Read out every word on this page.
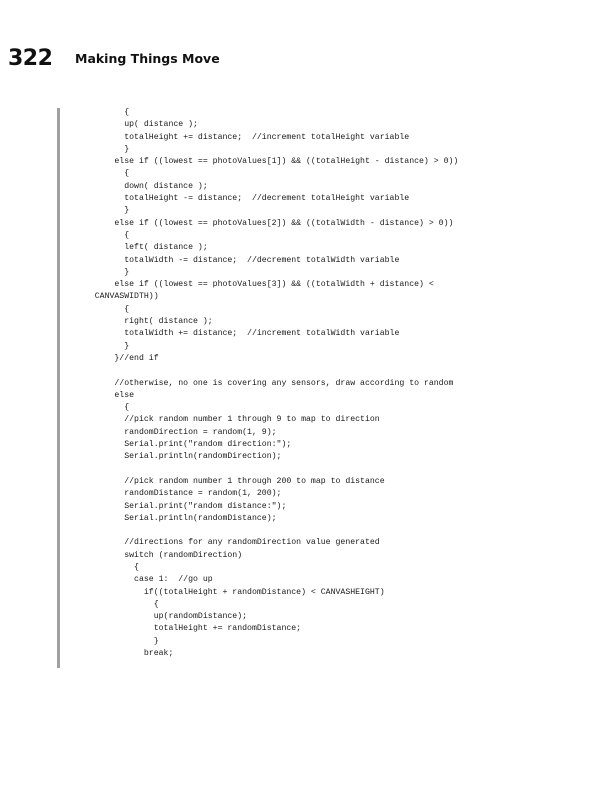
322 Making Things Move
{
up( distance );
totalHeight += distance;  //increment totalHeight variable
}
else if ((lowest == photoValues[1]) && ((totalHeight - distance) > 0))
{
down( distance );
totalHeight -= distance;  //decrement totalHeight variable
}
else if ((lowest == photoValues[2]) && ((totalWidth - distance) > 0))
{
left( distance );
totalWidth -= distance;  //decrement totalWidth variable
}
else if ((lowest == photoValues[3]) && ((totalWidth + distance) <
CANVASWIDTH))
{
right( distance );
totalWidth += distance;  //increment totalWidth variable
}
}//end if
//otherwise, no one is covering any sensors, draw according to random
else
{
//pick random number 1 through 9 to map to direction
randomDirection = random(1, 9);
Serial.print("random direction:");
Serial.println(randomDirection);
//pick random number 1 through 200 to map to distance
randomDistance = random(1, 200);
Serial.print("random distance:");
Serial.println(randomDistance);
//directions for any randomDirection value generated
switch (randomDirection)
{
case 1:  //go up
if((totalHeight + randomDistance) < CANVASHEIGHT)
{
up(randomDistance);
totalHeight += randomDistance;
}
break;
